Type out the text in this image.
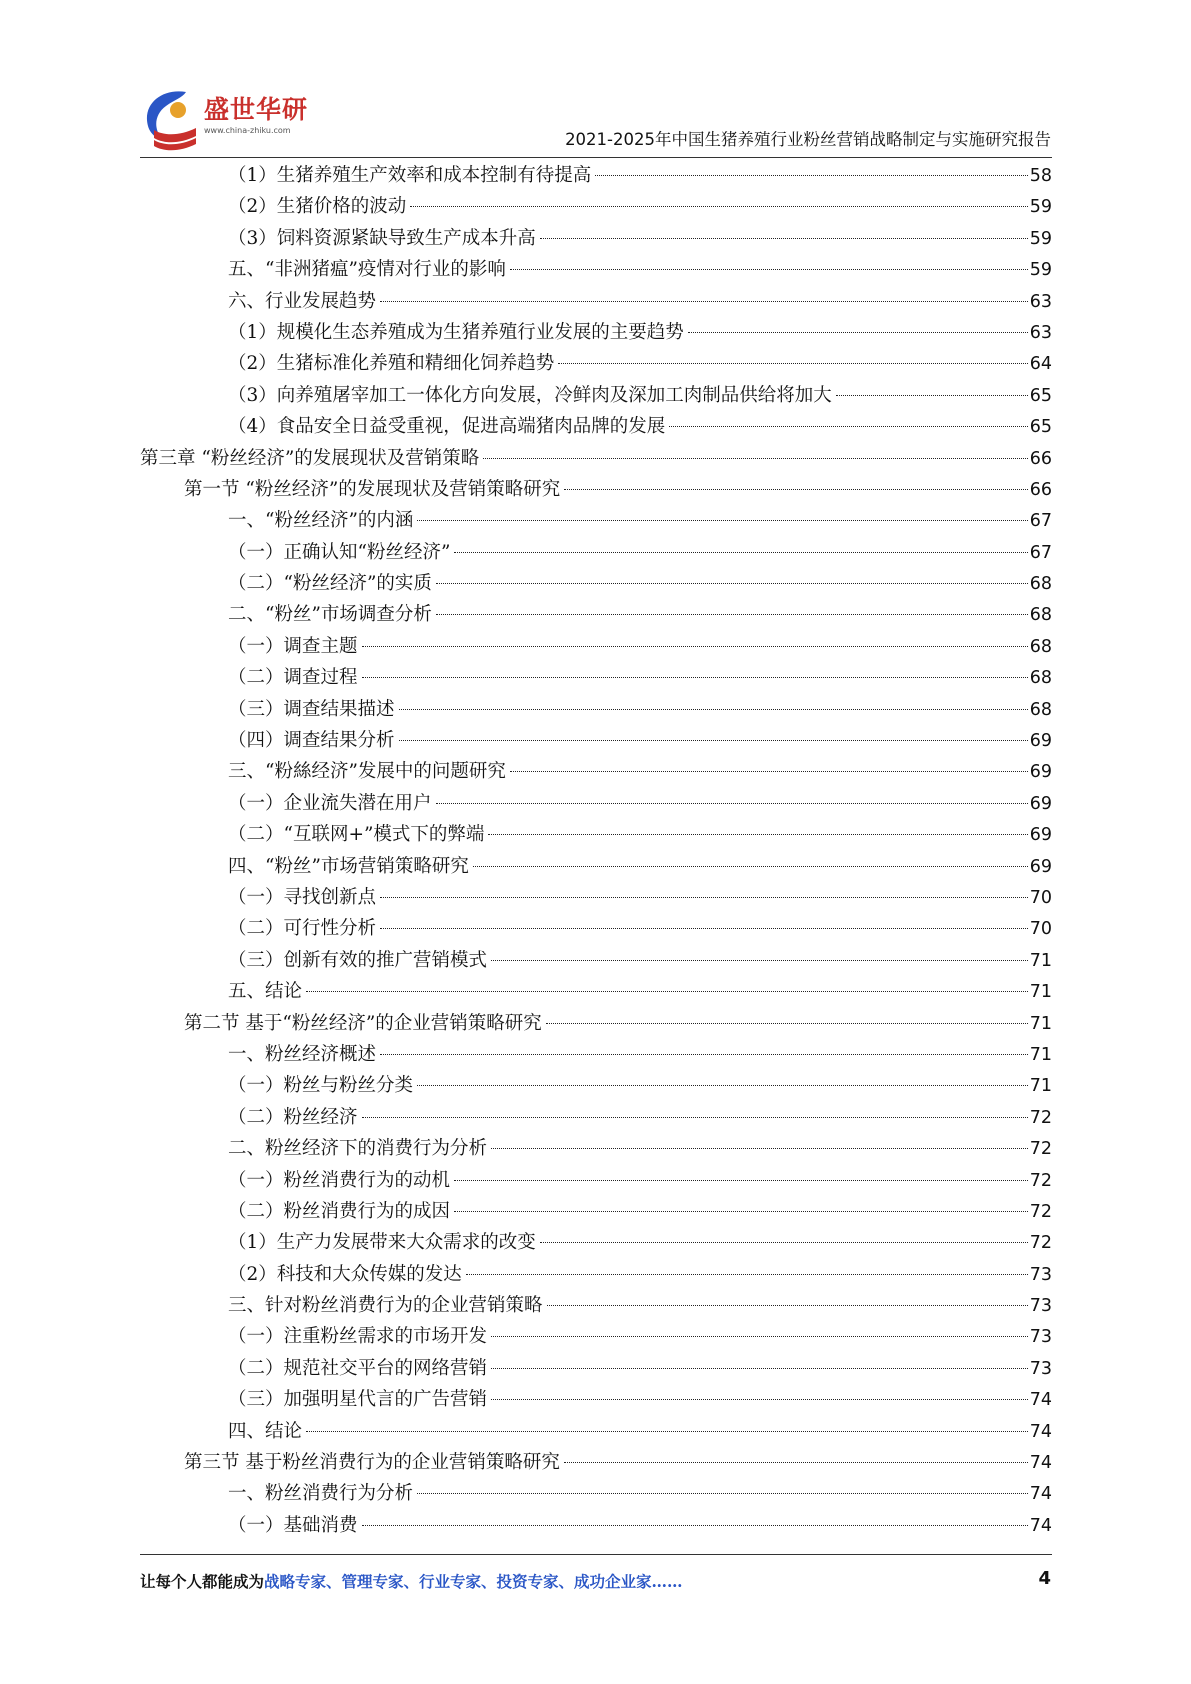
盛世华研
www.china-zhiku.com	2021-2025年中国生猪养殖行业粉丝营销战略制定与实施研究报告
（1）生猪养殖生产效率和成本控制有待提高	58
（2）生猪价格的波动	59
（3）饲料资源紧缺导致生产成本升高	59
五、“非洲猪瘟”疫情对行业的影响	59
六、行业发展趋势	63
（1）规模化生态养殖成为生猪养殖行业发展的主要趋势	63
（2）生猪标准化养殖和精细化饲养趋势	64
（3）向养殖屠宰加工一体化方向发展，冷鲜肉及深加工肉制品供给将加大	65
（4）食品安全日益受重视，促进高端猪肉品牌的发展	65
第三章 “粉丝经济”的发展现状及营销策略	66
第一节 “粉丝经济”的发展现状及营销策略研究	66
一、“粉丝经济”的内涵	67
（一）正确认知“粉丝经济”	67
（二）“粉丝经济”的实质	68
二、“粉丝”市场调查分析	68
（一）调查主题	68
（二）调查过程	68
（三）调查结果描述	68
（四）调查结果分析	69
三、“粉絲经济”发展中的问题研究	69
（一）企业流失潜在用户	69
（二）“互联网+”模式下的弊端	69
四、“粉丝”市场营销策略研究	69
（一）寻找创新点	70
（二）可行性分析	70
（三）创新有效的推广营销模式	71
五、结论	71
第二节 基于“粉丝经济”的企业营销策略研究	71
一、粉丝经济概述	71
（一）粉丝与粉丝分类	71
（二）粉丝经济	72
二、粉丝经济下的消费行为分析	72
（一）粉丝消费行为的动机	72
（二）粉丝消费行为的成因	72
（1）生产力发展带来大众需求的改变	72
（2）科技和大众传媒的发达	73
三、针对粉丝消费行为的企业营销策略	73
（一）注重粉丝需求的市场开发	73
（二）规范社交平台的网络营销	73
（三）加强明星代言的广告营销	74
四、结论	74
第三节 基于粉丝消费行为的企业营销策略研究	74
一、粉丝消费行为分析	74
（一）基础消费	74
让每个人都能成为战略专家、管理专家、行业专家、投资专家、成功企业家……	4
